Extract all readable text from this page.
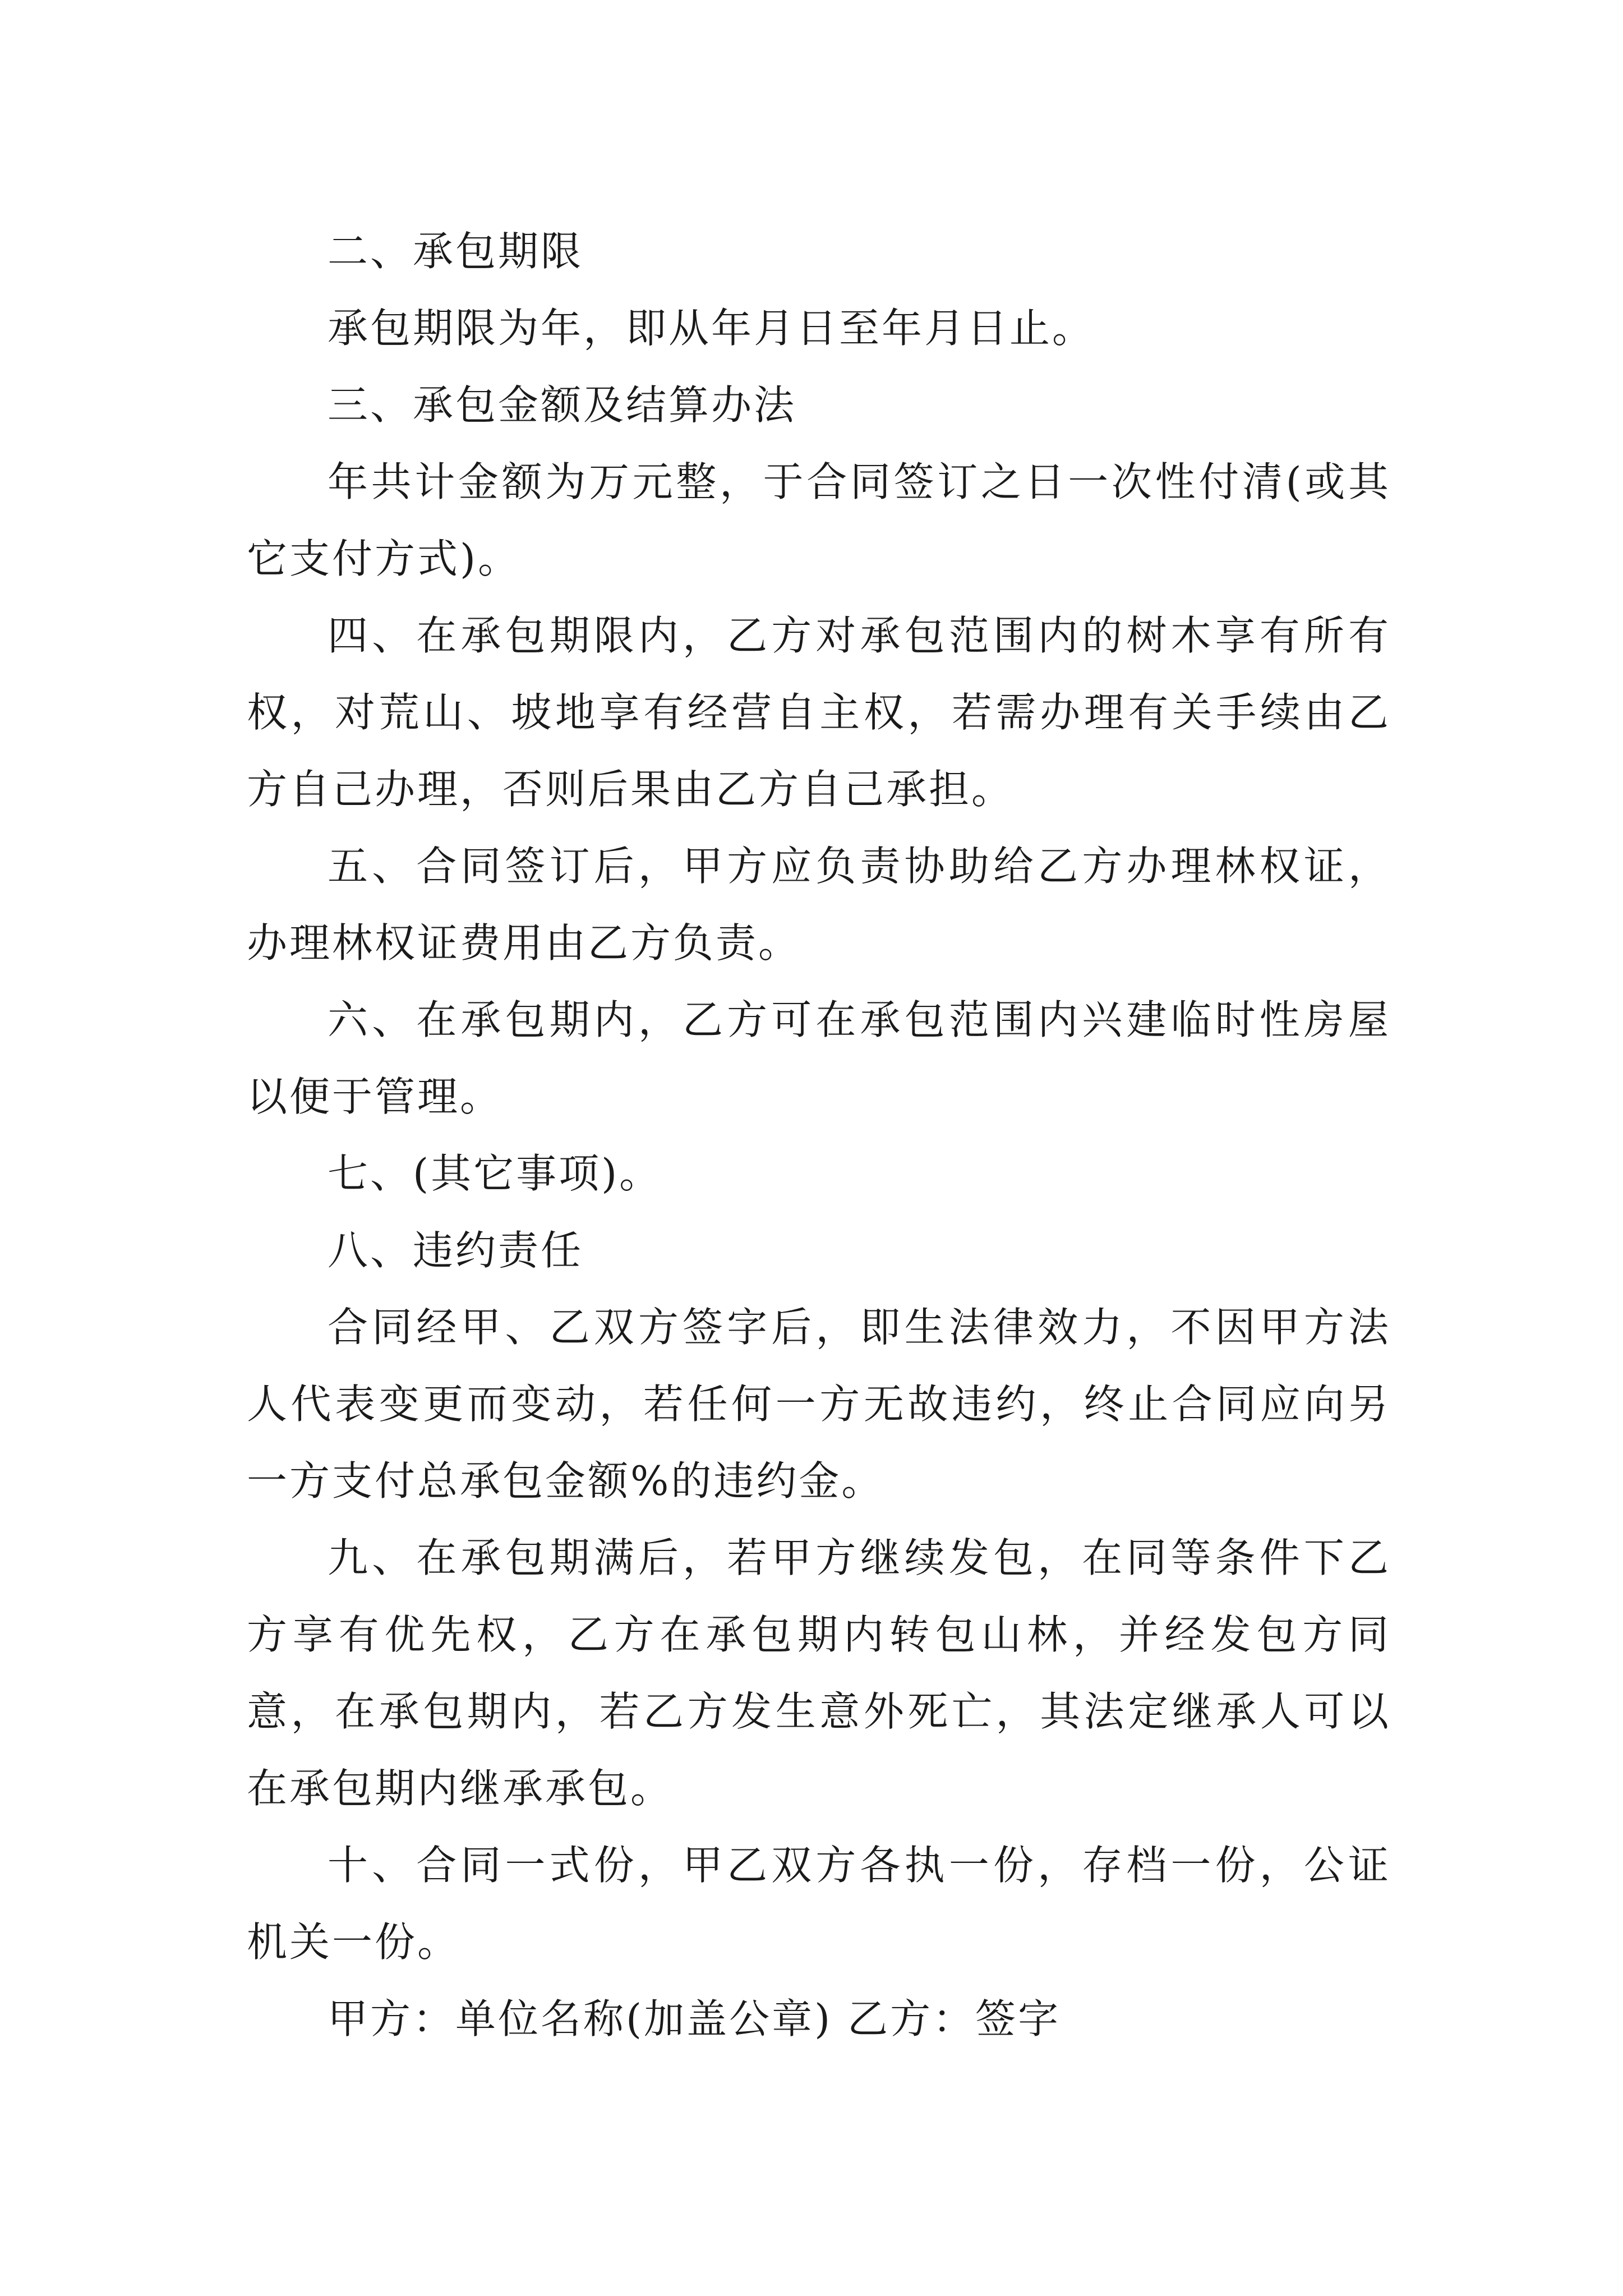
二、承包期限

承包期限为年，即从年月日至年月日止。

三、承包金额及结算办法

年共计金额为万元整，于合同签订之日一次性付清(或其它支付方式)。

四、在承包期限内，乙方对承包范围内的树木享有所有权，对荒山、坡地享有经营自主权，若需办理有关手续由乙方自己办理，否则后果由乙方自己承担。

五、合同签订后，甲方应负责协助给乙方办理林权证，办理林权证费用由乙方负责。

六、在承包期内，乙方可在承包范围内兴建临时性房屋以便于管理。

七、(其它事项)。

八、违约责任

合同经甲、乙双方签字后，即生法律效力，不因甲方法人代表变更而变动，若任何一方无故违约，终止合同应向另一方支付总承包金额%的违约金。

九、在承包期满后，若甲方继续发包，在同等条件下乙方享有优先权，乙方在承包期内转包山林，并经发包方同意，在承包期内，若乙方发生意外死亡，其法定继承人可以在承包期内继承承包。

十、合同一式份，甲乙双方各执一份，存档一份，公证机关一份。

甲方：单位名称(加盖公章) 乙方：签字
